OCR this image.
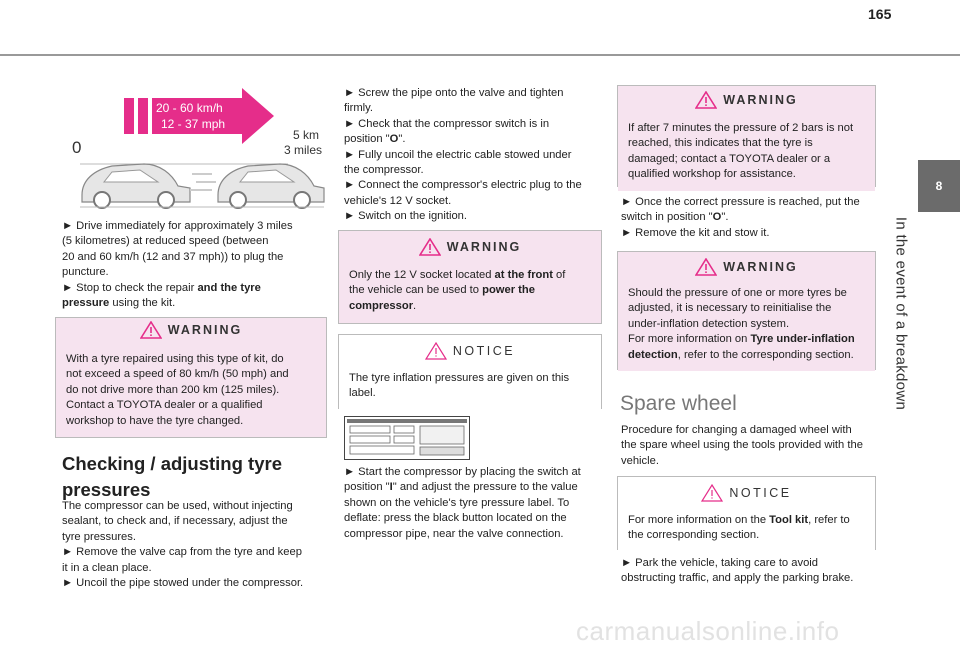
165
8
In the event of a breakdown
20 - 60 km/h
12 - 37 mph
0
5 km
3 miles

► Drive immediately for approximately 3 miles

(5 kilometres) at reduced speed (between

20 and 60 km/h (12 and 37 mph)) to plug the

puncture.

► Stop to check the repair and the tyre

pressure using the kit.

WARNING

With a tyre repaired using this type of kit, do

not exceed a speed of 80 km/h (50 mph) and

do not drive more than 200 km (125 miles).

Contact a TOYOTA dealer or a qualified

workshop to have the tyre changed.

Checking / adjusting tyre
pressures

The compressor can be used, without injecting

sealant, to check and, if necessary, adjust the

tyre pressures.

► Remove the valve cap from the tyre and keep

it in a clean place.

► Uncoil the pipe stowed under the compressor.

► Screw the pipe onto the valve and tighten

firmly.

► Check that the compressor switch is in

position "O".

► Fully uncoil the electric cable stowed under

the compressor.

► Connect the compressor's electric plug to the

vehicle's 12 V socket.

► Switch on the ignition.

WARNING

Only the 12 V socket located at the front of

the vehicle can be used to power the

compressor.

NOTICE

The tyre inflation pressures are given on this

label.

► Start the compressor by placing the switch at

position "I" and adjust the pressure to the value

shown on the vehicle's tyre pressure label. To

deflate: press the black button located on the

compressor pipe, near the valve connection.

WARNING

If after 7 minutes the pressure of 2 bars is not

reached, this indicates that the tyre is

damaged; contact a TOYOTA dealer or a

qualified workshop for assistance.

► Once the correct pressure is reached, put the

switch in position "O".

► Remove the kit and stow it.

WARNING

Should the pressure of one or more tyres be

adjusted, it is necessary to reinitialise the

under-inflation detection system.

For more information on Tyre under-inflation

detection, refer to the corresponding section.

Spare wheel

Procedure for changing a damaged wheel with

the spare wheel using the tools provided with the

vehicle.

NOTICE

For more information on the Tool kit, refer to

the corresponding section.

► Park the vehicle, taking care to avoid

obstructing traffic, and apply the parking brake.

carmanualsonline.info
